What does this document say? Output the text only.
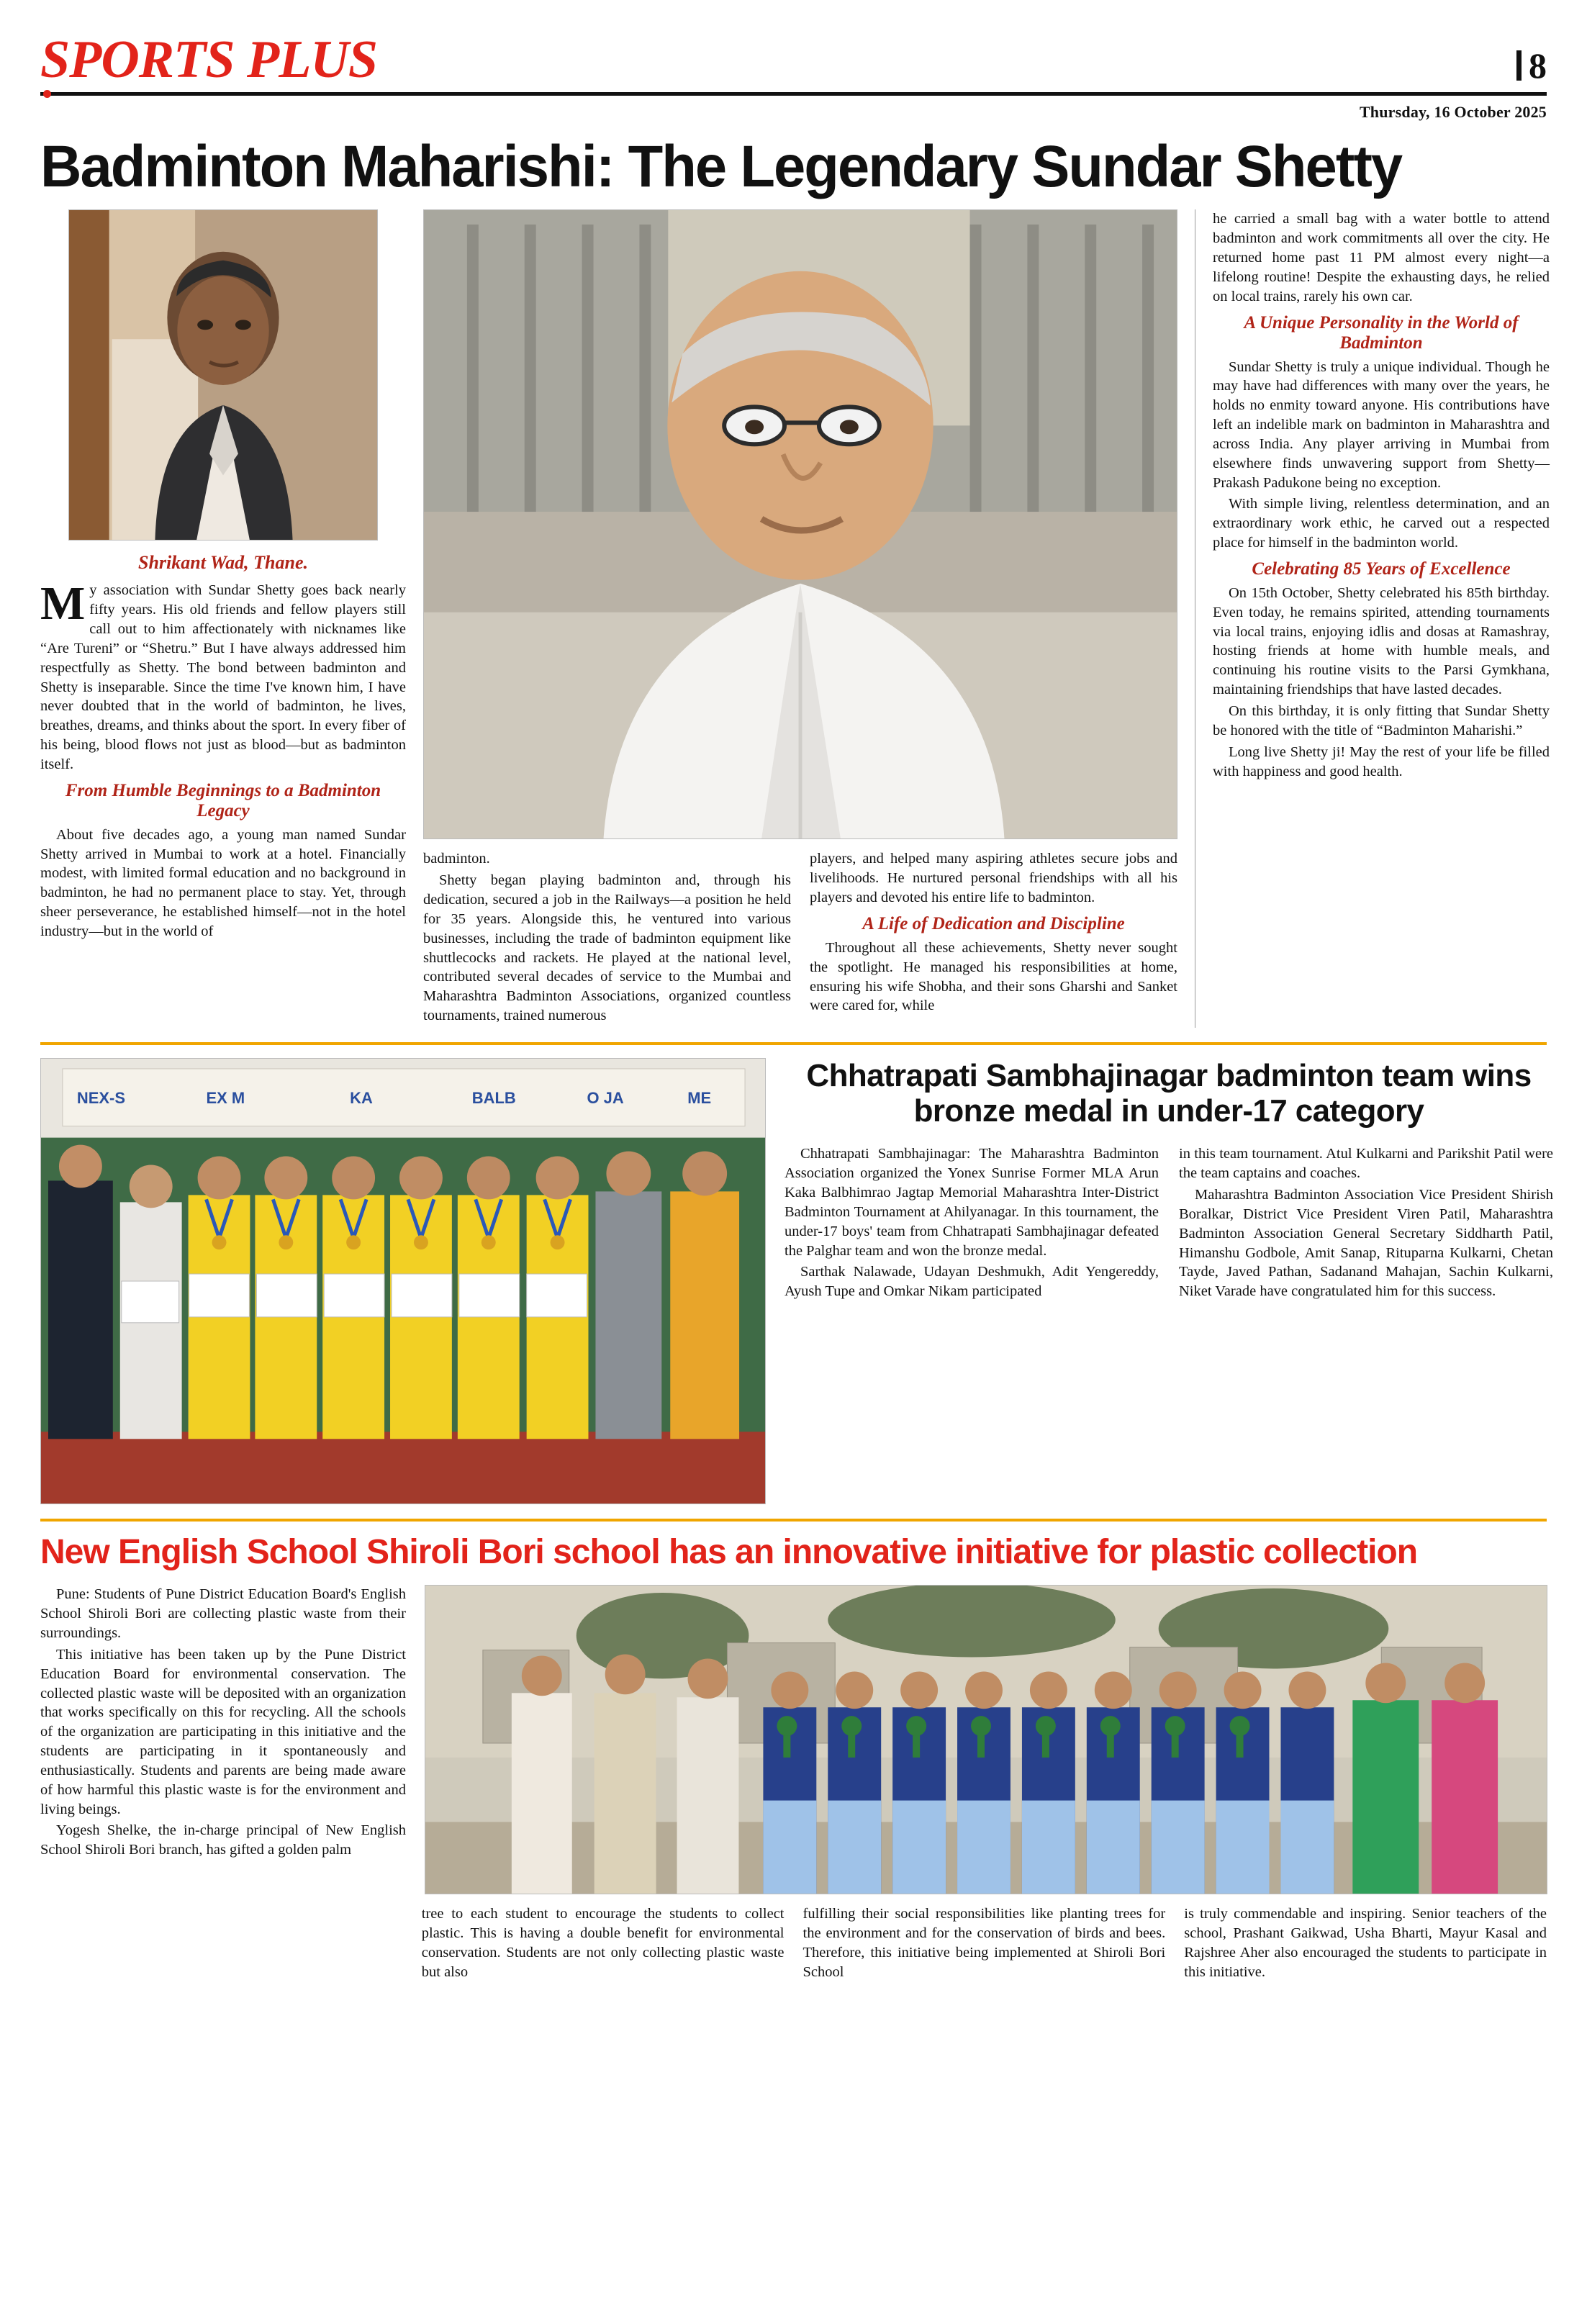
SPORTS PLUS	8
Thursday, 16 October 2025
Badminton Maharishi: The Legendary Sundar Shetty
Shrikant Wad, Thane.

My association with Sundar Shetty goes back nearly fifty years. His old friends and fellow players still call out to him affectionately with nicknames like “Are Tureni” or “Shetru.” But I have always addressed him respectfully as Shetty. The bond between badminton and Shetty is inseparable. Since the time I've known him, I have never doubted that in the world of badminton, he lives, breathes, dreams, and thinks about the sport. In every fiber of his being, blood flows not just as blood—but as badminton itself.

From Humble Beginnings to a Badminton Legacy

About five decades ago, a young man named Sundar Shetty arrived in Mumbai to work at a hotel. Financially modest, with limited formal education and no background in badminton, he had no permanent place to stay. Yet, through sheer perseverance, he established himself—not in the hotel industry—but in the world of

badminton.

Shetty began playing badminton and, through his dedication, secured a job in the Railways—a position he held for 35 years. Alongside this, he ventured into various businesses, including the trade of badminton equipment like shuttlecocks and rackets. He played at the national level, contributed several decades of service to the Mumbai and Maharashtra Badminton Associations, organized countless tournaments, trained numerous

players, and helped many aspiring athletes secure jobs and livelihoods. He nurtured personal friendships with all his players and devoted his entire life to badminton.

A Life of Dedication and Discipline

Throughout all these achievements, Shetty never sought the spotlight. He managed his responsibilities at home, ensuring his wife Shobha, and their sons Gharshi and Sanket were cared for, while

he carried a small bag with a water bottle to attend badminton and work commitments all over the city. He returned home past 11 PM almost every night—a lifelong routine! Despite the exhausting days, he relied on local trains, rarely his own car.

A Unique Personality in the World of Badminton

Sundar Shetty is truly a unique individual. Though he may have had differences with many over the years, he holds no enmity toward anyone. His contributions have left an indelible mark on badminton in Maharashtra and across India. Any player arriving in Mumbai from elsewhere finds unwavering support from Shetty—Prakash Padukone being no exception.

With simple living, relentless determination, and an extraordinary work ethic, he carved out a respected place for himself in the badminton world.

Celebrating 85 Years of Excellence

On 15th October, Shetty celebrated his 85th birthday. Even today, he remains spirited, attending tournaments via local trains, enjoying idlis and dosas at Ramashray, hosting friends at home with humble meals, and continuing his routine visits to the Parsi Gymkhana, maintaining friendships that have lasted decades.

On this birthday, it is only fitting that Sundar Shetty be honored with the title of “Badminton Maharishi.”

Long live Shetty ji! May the rest of your life be filled with happiness and good health.

NEX-S	EX M	KA	BALB	O JA	ME
Chhatrapati Sambhajinagar badminton team wins bronze medal in under-17 category

Chhatrapati Sambhajinagar: The Maharashtra Badminton Association organized the Yonex Sunrise Former MLA Arun Kaka Balbhimrao Jagtap Memorial Maharashtra Inter-District Badminton Tournament at Ahilyanagar. In this tournament, the under-17 boys' team from Chhatrapati Sambhajinagar defeated the Palghar team and won the bronze medal.

Sarthak Nalawade, Udayan Deshmukh, Adit Yengereddy, Ayush Tupe and Omkar Nikam participated

in this team tournament. Atul Kulkarni and Parikshit Patil were the team captains and coaches.

Maharashtra Badminton Association Vice President Shirish Boralkar, District Vice President Viren Patil, Maharashtra Badminton Association General Secretary Siddharth Patil, Himanshu Godbole, Amit Sanap, Rituparna Kulkarni, Chetan Tayde, Javed Pathan, Sadanand Mahajan, Sachin Kulkarni, Niket Varade have congratulated him for this success.

New English School Shiroli Bori school has an innovative initiative for plastic collection

Pune: Students of Pune District Education Board's English School Shiroli Bori are collecting plastic waste from their surroundings.

This initiative has been taken up by the Pune District Education Board for environmental conservation. The collected plastic waste will be deposited with an organization that works specifically on this for recycling. All the schools of the organization are participating in this initiative and the students are participating in it spontaneously and enthusiastically. Students and parents are being made aware of how harmful this plastic waste is for the environment and living beings.

Yogesh Shelke, the in-charge principal of New English School Shiroli Bori branch, has gifted a golden palm

tree to each student to encourage the students to collect plastic. This is having a double benefit for environmental conservation. Students are not only collecting plastic waste but also

fulfilling their social responsibilities like planting trees for the environment and for the conservation of birds and bees. Therefore, this initiative being implemented at Shiroli Bori School

is truly commendable and inspiring. Senior teachers of the school, Prashant Gaikwad, Usha Bharti, Mayur Kasal and Rajshree Aher also encouraged the students to participate in this initiative.
